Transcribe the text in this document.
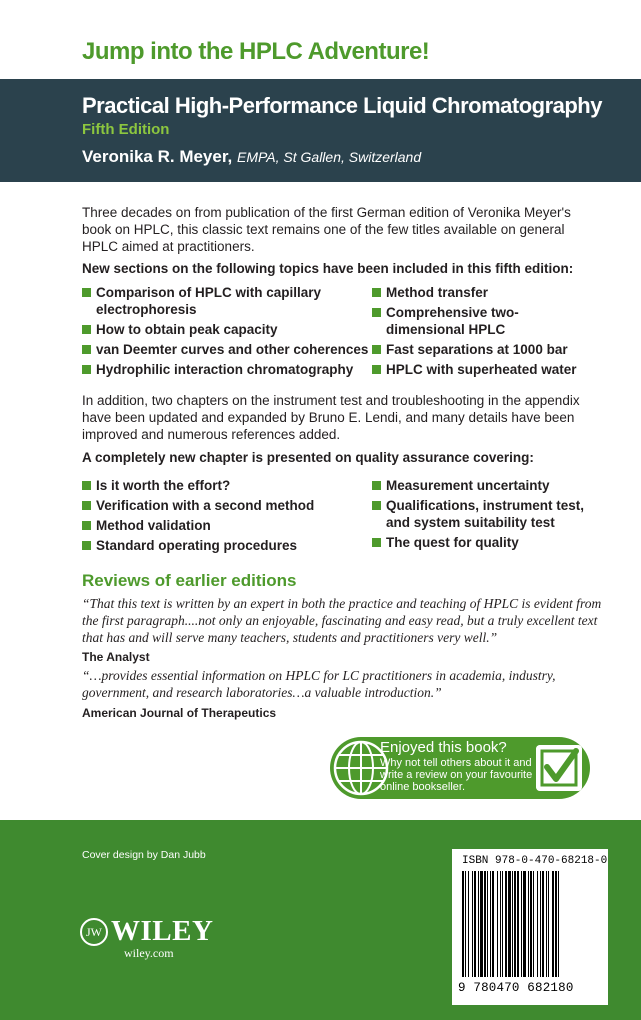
Jump into the HPLC Adventure!
Practical High-Performance Liquid Chromatography
Fifth Edition
Veronika R. Meyer, EMPA, St Gallen, Switzerland
Three decades on from publication of the first German edition of Veronika Meyer's book on HPLC, this classic text remains one of the few titles available on general HPLC aimed at practitioners.
New sections on the following topics have been included in this fifth edition:
Comparison of HPLC with capillary electrophoresis
How to obtain peak capacity
van Deemter curves and other coherences
Hydrophilic interaction chromatography
Method transfer
Comprehensive two-dimensional HPLC
Fast separations at 1000 bar
HPLC with superheated water
In addition, two chapters on the instrument test and troubleshooting in the appendix have been updated and expanded by Bruno E. Lendi, and many details have been improved and numerous references added.
A completely new chapter is presented on quality assurance covering:
Is it worth the effort?
Verification with a second method
Method validation
Standard operating procedures
Measurement uncertainty
Qualifications, instrument test, and system suitability test
The quest for quality
Reviews of earlier editions
“That this text is written by an expert in both the practice and teaching of HPLC is evident from the first paragraph....not only an enjoyable, fascinating and easy read, but a truly excellent text that has and will serve many teachers, students and practitioners very well.”
The Analyst
“…provides essential information on HPLC for LC practitioners in academia, industry, government, and research laboratories…a valuable introduction.”
American Journal of Therapeutics
Enjoyed this book?
Why not tell others about it and write a review on your favourite online bookseller.
Cover design by Dan Jubb
JW WILEY
wiley.com
ISBN 978-0-470-68218-0
9 780470 682180
